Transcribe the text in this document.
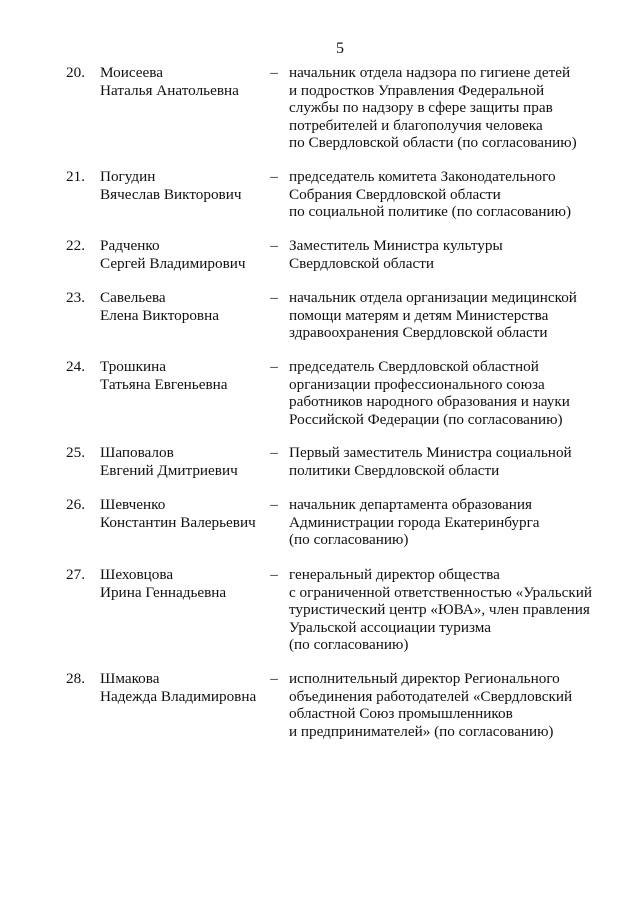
5
20. Моисеева
Наталья Анатольевна
– начальник отдела надзора по гигиене детей
и подростков Управления Федеральной
службы по надзору в сфере защиты прав
потребителей и благополучия человека
по Свердловской области (по согласованию)
21. Погудин
Вячеслав Викторович
– председатель комитета Законодательного
Собрания Свердловской области
по социальной политике (по согласованию)
22. Радченко
Сергей Владимирович
– Заместитель Министра культуры
Свердловской области
23. Савельева
Елена Викторовна
– начальник отдела организации медицинской
помощи матерям и детям Министерства
здравоохранения Свердловской области
24. Трошкина
Татьяна Евгеньевна
– председатель Свердловской областной
организации профессионального союза
работников народного образования и науки
Российской Федерации (по согласованию)
25. Шаповалов
Евгений Дмитриевич
– Первый заместитель Министра социальной
политики Свердловской области
26. Шевченко
Константин Валерьевич
– начальник департамента образования
Администрации города Екатеринбурга
(по согласованию)
27. Шеховцова
Ирина Геннадьевна
– генеральный директор общества
с ограниченной ответственностью «Уральский
туристический центр «ЮВА», член правления
Уральской ассоциации туризма
(по согласованию)
28. Шмакова
Надежда Владимировна
– исполнительный директор Регионального
объединения работодателей «Свердловский
областной Союз промышленников
и предпринимателей» (по согласованию)
